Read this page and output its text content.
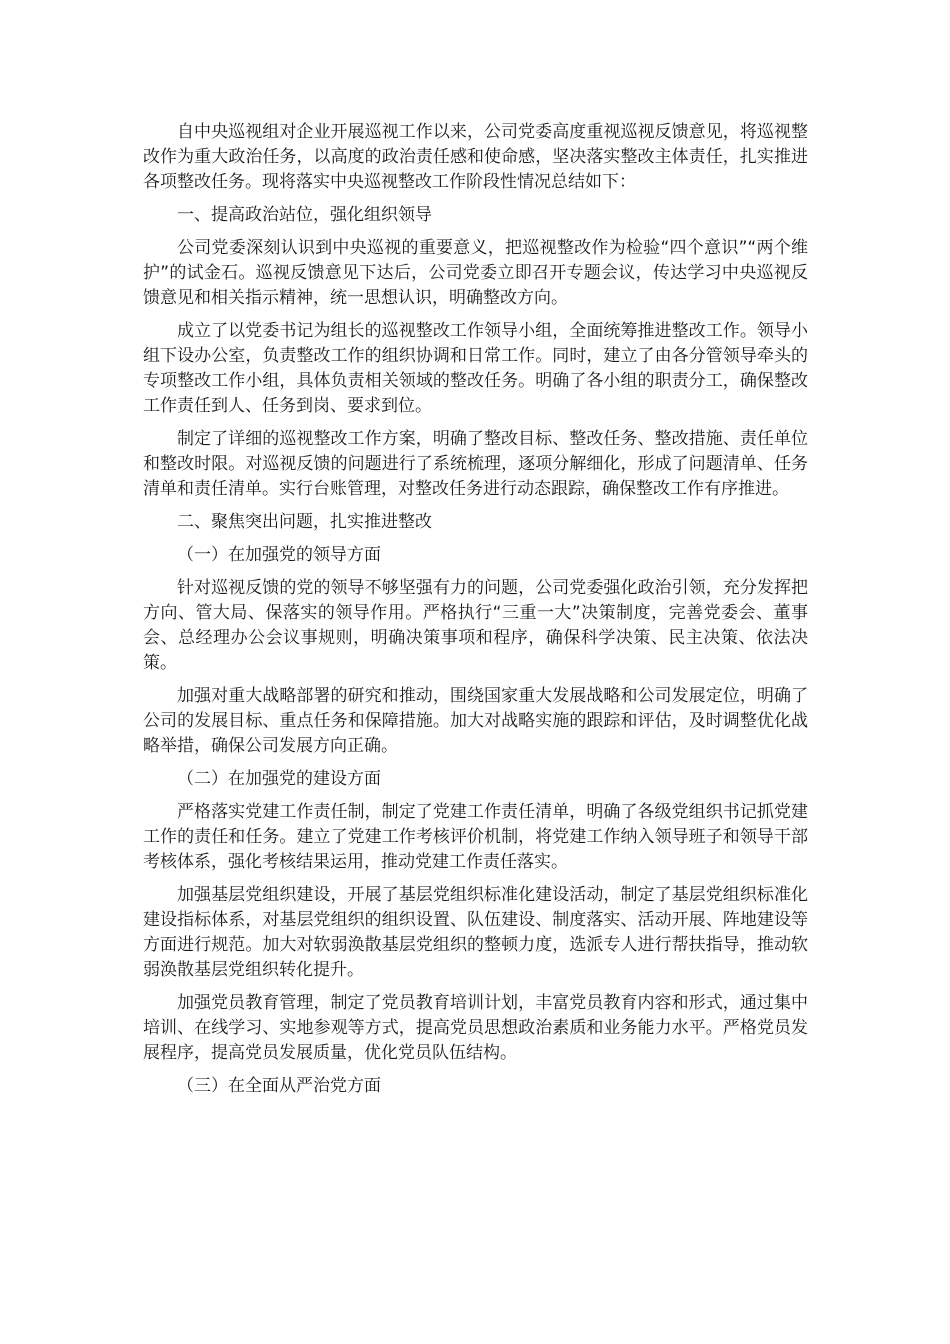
自中央巡视组对企业开展巡视工作以来，公司党委高度重视巡视反馈意见，将巡视整改作为重大政治任务，以高度的政治责任感和使命感，坚决落实整改主体责任，扎实推进各项整改任务。现将落实中央巡视整改工作阶段性情况总结如下：

一、提高政治站位，强化组织领导

公司党委深刻认识到中央巡视的重要意义，把巡视整改作为检验“四个意识”“两个维护”的试金石。巡视反馈意见下达后，公司党委立即召开专题会议，传达学习中央巡视反馈意见和相关指示精神，统一思想认识，明确整改方向。

成立了以党委书记为组长的巡视整改工作领导小组，全面统筹推进整改工作。领导小组下设办公室，负责整改工作的组织协调和日常工作。同时，建立了由各分管领导牵头的专项整改工作小组，具体负责相关领域的整改任务。明确了各小组的职责分工，确保整改工作责任到人、任务到岗、要求到位。

制定了详细的巡视整改工作方案，明确了整改目标、整改任务、整改措施、责任单位和整改时限。对巡视反馈的问题进行了系统梳理，逐项分解细化，形成了问题清单、任务清单和责任清单。实行台账管理，对整改任务进行动态跟踪，确保整改工作有序推进。

二、聚焦突出问题，扎实推进整改

（一）在加强党的领导方面

针对巡视反馈的党的领导不够坚强有力的问题，公司党委强化政治引领，充分发挥把方向、管大局、保落实的领导作用。严格执行“三重一大”决策制度，完善党委会、董事会、总经理办公会议事规则，明确决策事项和程序，确保科学决策、民主决策、依法决策。

加强对重大战略部署的研究和推动，围绕国家重大发展战略和公司发展定位，明确了公司的发展目标、重点任务和保障措施。加大对战略实施的跟踪和评估，及时调整优化战略举措，确保公司发展方向正确。

（二）在加强党的建设方面

严格落实党建工作责任制，制定了党建工作责任清单，明确了各级党组织书记抓党建工作的责任和任务。建立了党建工作考核评价机制，将党建工作纳入领导班子和领导干部考核体系，强化考核结果运用，推动党建工作责任落实。

加强基层党组织建设，开展了基层党组织标准化建设活动，制定了基层党组织标准化建设指标体系，对基层党组织的组织设置、队伍建设、制度落实、活动开展、阵地建设等方面进行规范。加大对软弱涣散基层党组织的整顿力度，选派专人进行帮扶指导，推动软弱涣散基层党组织转化提升。

加强党员教育管理，制定了党员教育培训计划，丰富党员教育内容和形式，通过集中培训、在线学习、实地参观等方式，提高党员思想政治素质和业务能力水平。严格党员发展程序，提高党员发展质量，优化党员队伍结构。

（三）在全面从严治党方面
